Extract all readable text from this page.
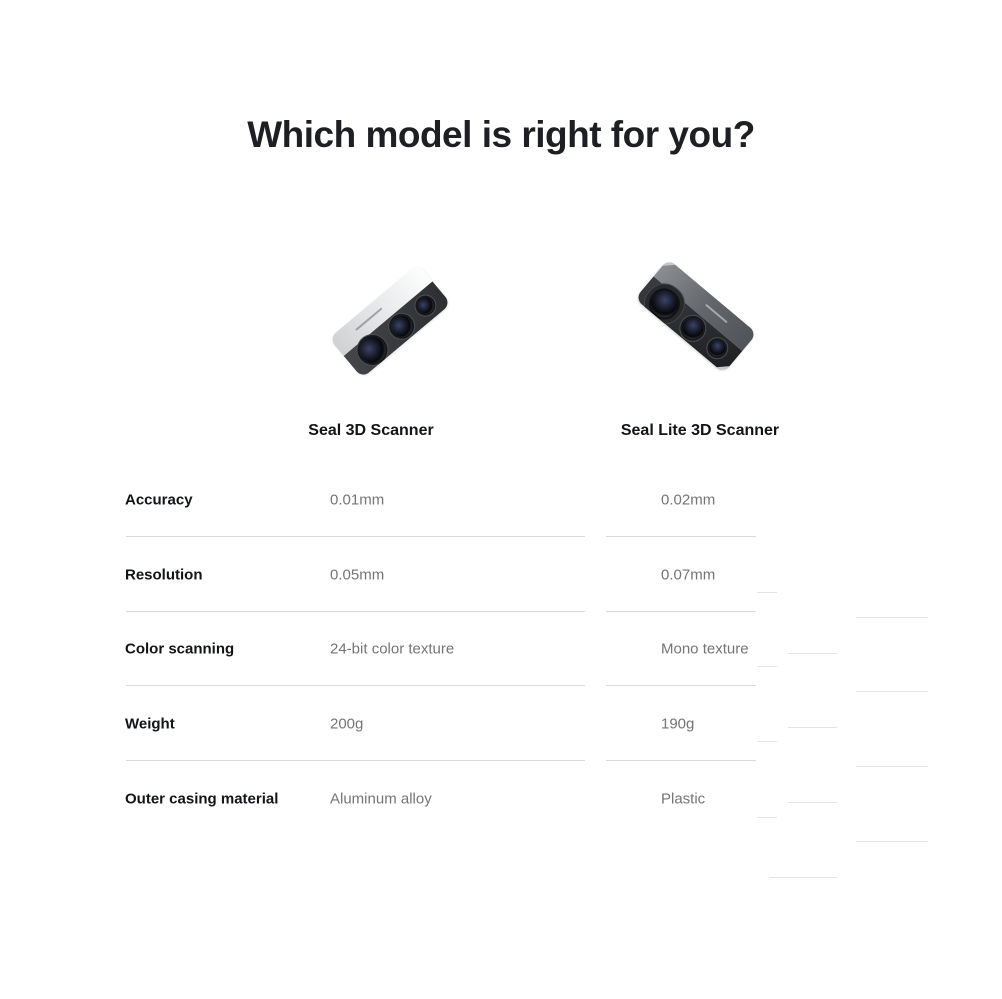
Which model is right for you?
Seal 3D Scanner	Seal Lite 3D Scanner
Accuracy	0.01mm	0.02mm
Resolution	0.05mm	0.07mm
Color scanning	24-bit color texture	Mono texture
Weight	200g	190g
Outer casing material	Aluminum alloy	Plastic
